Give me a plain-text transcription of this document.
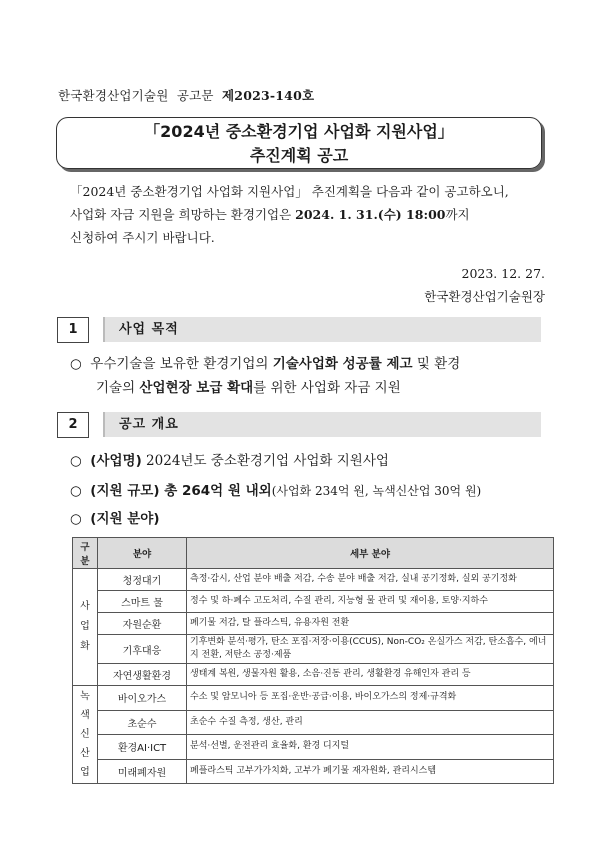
한국환경산업기술원 공고문 제2023-140호
「2024년 중소환경기업 사업화 지원사업」
추진계획 공고
「2024년 중소환경기업 사업화 지원사업」 추진계획을 다음과 같이 공고하오니,
사업화 자금 지원을 희망하는 환경기업은 2024. 1. 31.(수) 18:00까지
신청하여 주시기 바랍니다.
2023. 12. 27.
한국환경산업기술원장
1	사업 목적
○ 우수기술을 보유한 환경기업의 기술사업화 성공률 제고 및 환경
기술의 산업현장 보급 확대를 위한 사업화 자금 지원
2	공고 개요
○ (사업명) 2024년도 중소환경기업 사업화 지원사업
○ (지원 규모) 총 264억 원 내외(사업화 234억 원, 녹색신산업 30억 원)
○ (지원 분야)
구분	분야	세부 분야
사업화	청정대기	측정·감시, 산업 분야 배출 저감, 수송 분야 배출 저감, 실내 공기정화, 실외 공기정화
	스마트 물	정수 및 하·폐수 고도처리, 수질 관리, 지능형 물 관리 및 재이용, 토양·지하수
	자원순환	폐기물 저감, 탈 플라스틱, 유용자원 전환
	기후대응	기후변화 분석·평가, 탄소 포집·저장·이용(CCUS), Non-CO₂ 온실가스 저감, 탄소흡수, 에너지 전환, 저탄소 공정·제품
	자연생활환경	생태계 복원, 생물자원 활용, 소음·진동 관리, 생활환경 유해인자 관리 등
녹색신산업	바이오가스	수소 및 암모니아 등 포집·운반·공급·이용, 바이오가스의 정제·규격화
	초순수	초순수 수질 측정, 생산, 관리
	환경AI·ICT	분석·선별, 운전관리 효율화, 환경 디지털
	미래폐자원	폐플라스틱 고부가가치화, 고부가 폐기물 재자원화, 관리시스템
